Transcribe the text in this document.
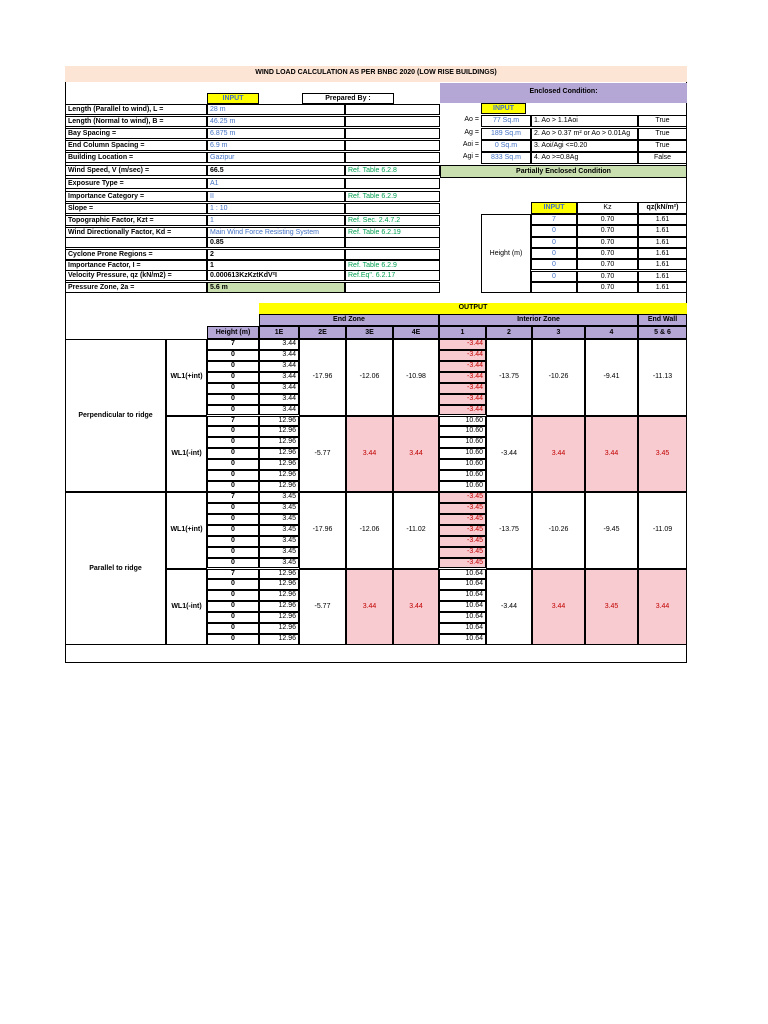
WIND LOAD CALCULATION AS PER BNBC 2020 (LOW RISE BUILDINGS)
INPUT	Prepared By :
Length (Parallel to wind), L =	28 m
Length (Normal to wind), B =	46.25 m
Bay Spacing =	6.875 m
End Column Spacing =	6.9 m
Building Location =	Gazipur
Wind Speed, V (m/sec) =	66.5	Ref. Table 6.2.8
Exposure Type =	A1
Importance Category =	II	Ref. Table 6.2.9
Slope =	1 : 10
Topographic Factor, Kzt =	1	Ref. Sec. 2.4.7.2
Wind Directionally Factor, Kd =	Main Wind Force Resisting System	Ref. Table 6.2.19
0.85
Cyclone Prone Regions =	2
Importance Factor, I =	1	Ref. Table 6.2.9
Velocity Pressure, qz (kN/m2) =	0.000613KzKztKdV²I	Ref.Eq". 6.2.17
Pressure Zone, 2a =	5.6 m
Enclosed Condition:
INPUT
Ao =	77 Sq.m	1. Ao > 1.1Aoi	True
Ag =	189 Sq.m	2. Ao > 0.37 m² or Ao > 0.01Ag	True
Aoi =	0 Sq.m	3. Aoi/Agi <=0.20	True
Agi =	833 Sq.m	4. Ao >=0.8Ag	False
Partially Enclosed Condition
INPUT	Kz	qz(kN/m²)
Height (m)
7	0.70	1.61
0	0.70	1.61
0	0.70	1.61
0	0.70	1.61
0	0.70	1.61
0	0.70	1.61
0.70	1.61
OUTPUT
End Zone	Interior Zone	End Wall
Height (m)	1E	2E	3E	4E	1	2	3	4	5 & 6
Perpendicular to ridge
WL1(+int)
7	3.44	-3.44
0	3.44	-3.44
0	3.44	-3.44
0	3.44	-3.44
0	3.44	-3.44
0	3.44	-3.44
0	3.44	-3.44
-17.96	-12.06	-10.98	-13.75	-10.26	-9.41	-11.13
WL1(-int)
7	12.96	10.60
0	12.96	10.60
0	12.96	10.60
0	12.96	10.60
0	12.96	10.60
0	12.96	10.60
0	12.96	10.60
-5.77	3.44	3.44	-3.44	3.44	3.44	3.45
Parallel to ridge
WL1(+int)
7	3.45	-3.45
0	3.45	-3.45
0	3.45	-3.45
0	3.45	-3.45
0	3.45	-3.45
0	3.45	-3.45
0	3.45	-3.45
-17.96	-12.06	-11.02	-13.75	-10.26	-9.45	-11.09
WL1(-int)
7	12.96	10.64
0	12.96	10.64
0	12.96	10.64
0	12.96	10.64
0	12.96	10.64
0	12.96	10.64
0	12.96	10.64
-5.77	3.44	3.44	-3.44	3.44	3.45	3.44
